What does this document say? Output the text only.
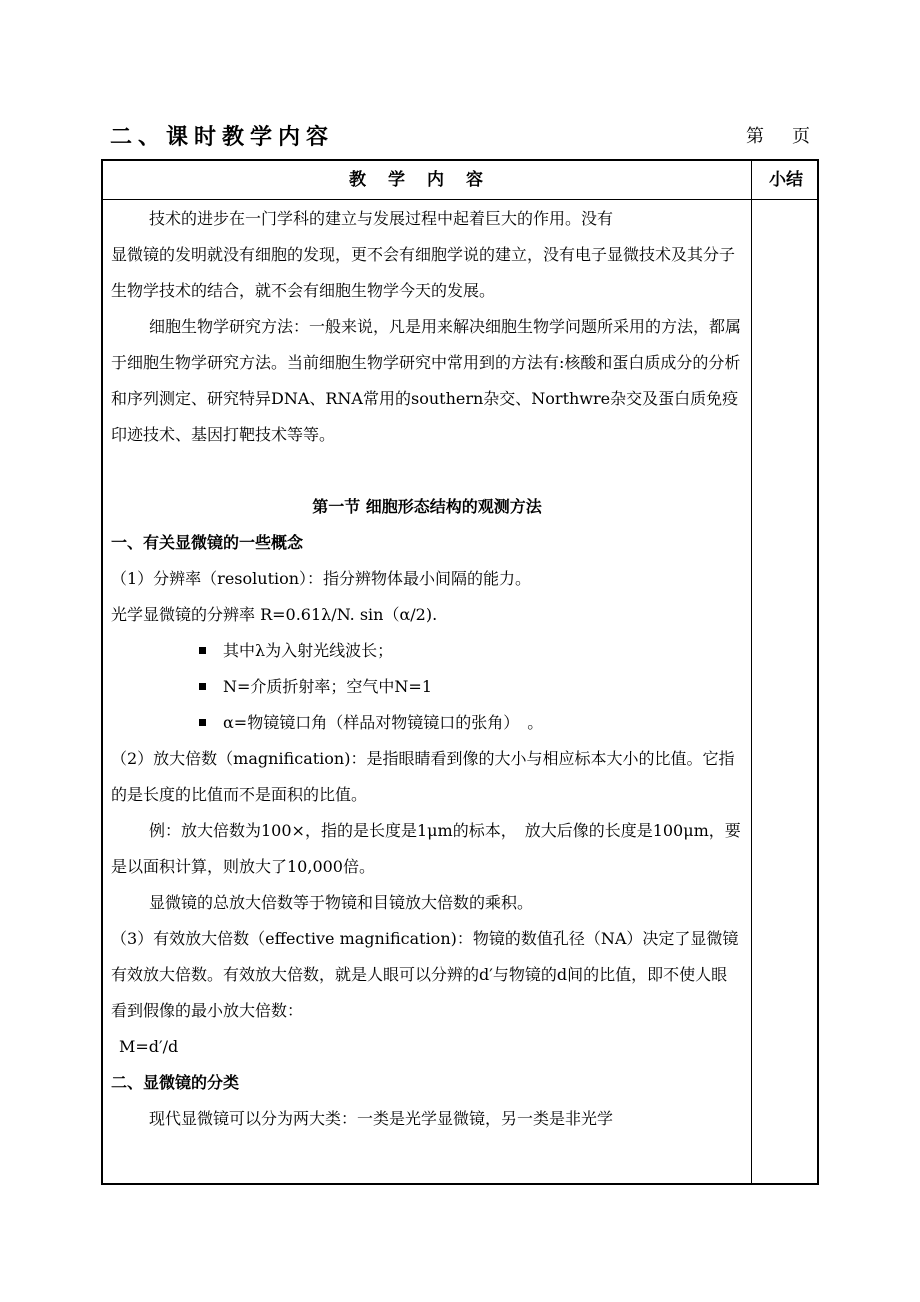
二、课时教学内容	第 页
教学内容	小结

技术的进步在一门学科的建立与发展过程中起着巨大的作用。没有

显微镜的发明就没有细胞的发现，更不会有细胞学说的建立，没有电子显微技术及其分子生物学技术的结合，就不会有细胞生物学今天的发展。

细胞生物学研究方法：一般来说，凡是用来解决细胞生物学问题所采用的方法，都属于细胞生物学研究方法。当前细胞生物学研究中常用到的方法有:核酸和蛋白质成分的分析和序列测定、研究特异DNA、RNA常用的southern杂交、Northwre杂交及蛋白质免疫印迹技术、基因打靶技术等等。

第一节 细胞形态结构的观测方法

一、有关显微镜的一些概念

（1）分辨率（resolution）：指分辨物体最小间隔的能力。

光学显微镜的分辨率 R=0.61λ/N. sin（α/2).

其中λ为入射光线波长；
N=介质折射率；空气中N=1
α=物镜镜口角（样品对物镜镜口的张角）　。

（2）放大倍数（magnification)：是指眼睛看到像的大小与相应标本大小的比值。它指的是长度的比值而不是面积的比值。

例：放大倍数为100×，指的是长度是1μm的标本，　放大后像的长度是100μm，要是以面积计算，则放大了10,000倍。

显微镜的总放大倍数等于物镜和目镜放大倍数的乘积。

（3）有效放大倍数（effective magnification)：物镜的数值孔径（NA）决定了显微镜有效放大倍数。有效放大倍数，就是人眼可以分辨的d′与物镜的d间的比值，即不使人眼看到假像的最小放大倍数：

M=d′/d

二、显微镜的分类

现代显微镜可以分为两大类：一类是光学显微镜，另一类是非光学
